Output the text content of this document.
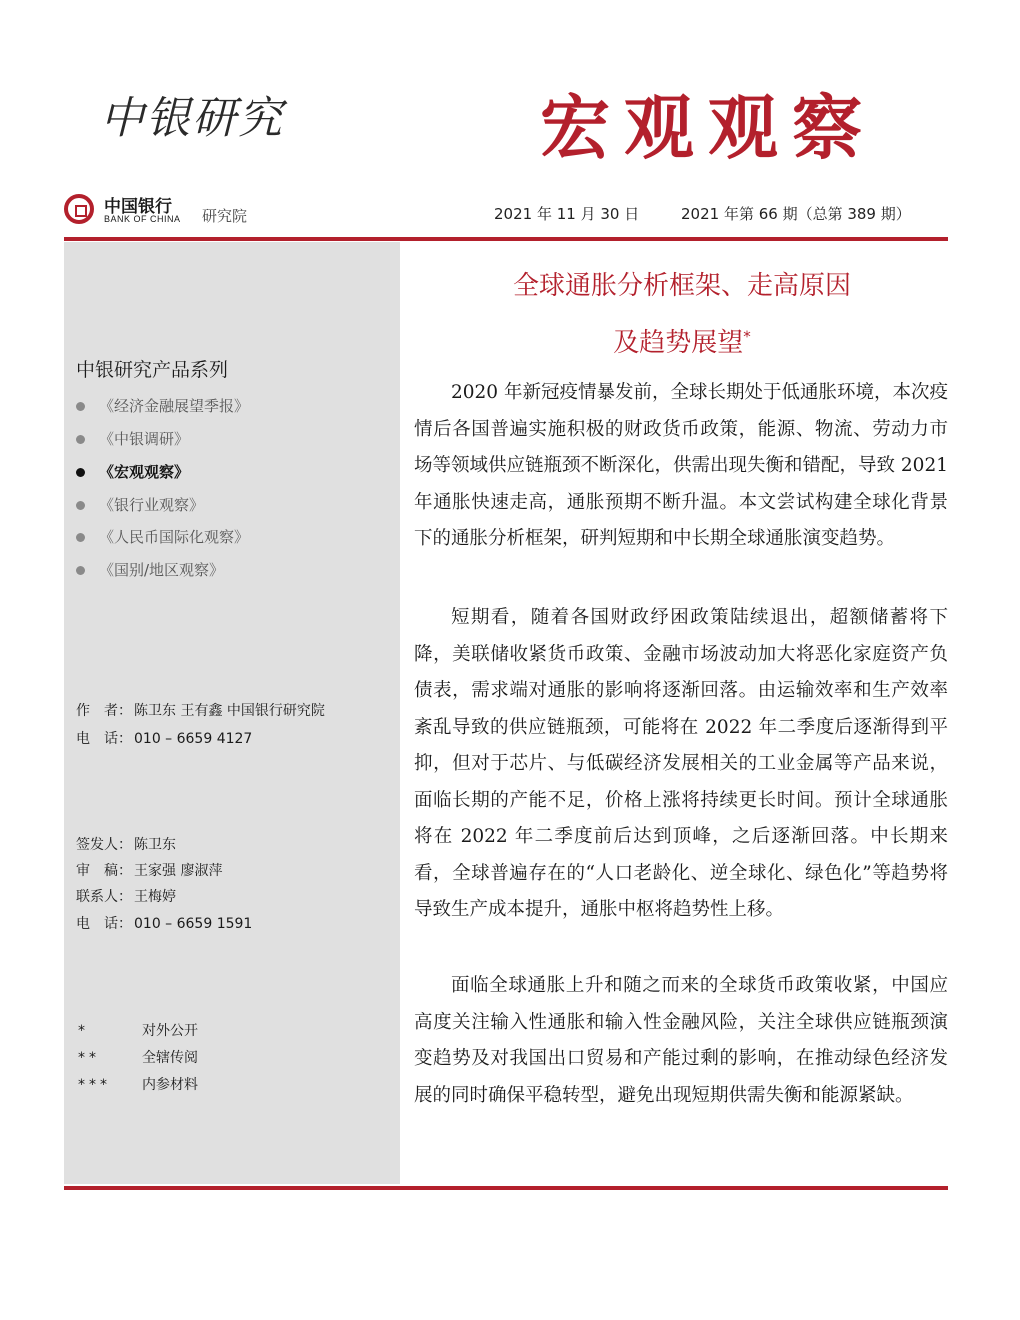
中银研究	宏观观察
中国银行
BANK OF CHINA 研究院	2021 年 11 月 30 日	2021 年第 66 期（总第 389 期）
中银研究产品系列
《经济金融展望季报》
《中银调研》
《宏观观察》
《银行业观察》
《人民币国际化观察》
《国别/地区观察》
作　者： 陈卫东 王有鑫 中国银行研究院
电　话： 010 – 6659 4127
签发人： 陈卫东
审　稿： 王家强 廖淑萍
联系人： 王梅婷
电　话： 010 – 6659 1591
*	对外公开
**	全辖传阅
*** 内参材料
全球通胀分析框架、走高原因
及趋势展望*

2020 年新冠疫情暴发前，全球长期处于低通胀环境，本次疫情后各国普遍实施积极的财政货币政策，能源、物流、劳动力市场等领域供应链瓶颈不断深化，供需出现失衡和错配，导致 2021 年通胀快速走高，通胀预期不断升温。本文尝试构建全球化背景下的通胀分析框架，研判短期和中长期全球通胀演变趋势。

短期看，随着各国财政纾困政策陆续退出，超额储蓄将下降，美联储收紧货币政策、金融市场波动加大将恶化家庭资产负债表，需求端对通胀的影响将逐渐回落。由运输效率和生产效率紊乱导致的供应链瓶颈，可能将在 2022 年二季度后逐渐得到平抑，但对于芯片、与低碳经济发展相关的工业金属等产品来说，面临长期的产能不足，价格上涨将持续更长时间。预计全球通胀将在 2022 年二季度前后达到顶峰，之后逐渐回落。中长期来看，全球普遍存在的“人口老龄化、逆全球化、绿色化”等趋势将导致生产成本提升，通胀中枢将趋势性上移。

面临全球通胀上升和随之而来的全球货币政策收紧，中国应高度关注输入性通胀和输入性金融风险，关注全球供应链瓶颈演变趋势及对我国出口贸易和产能过剩的影响，在推动绿色经济发展的同时确保平稳转型，避免出现短期供需失衡和能源紧缺。
